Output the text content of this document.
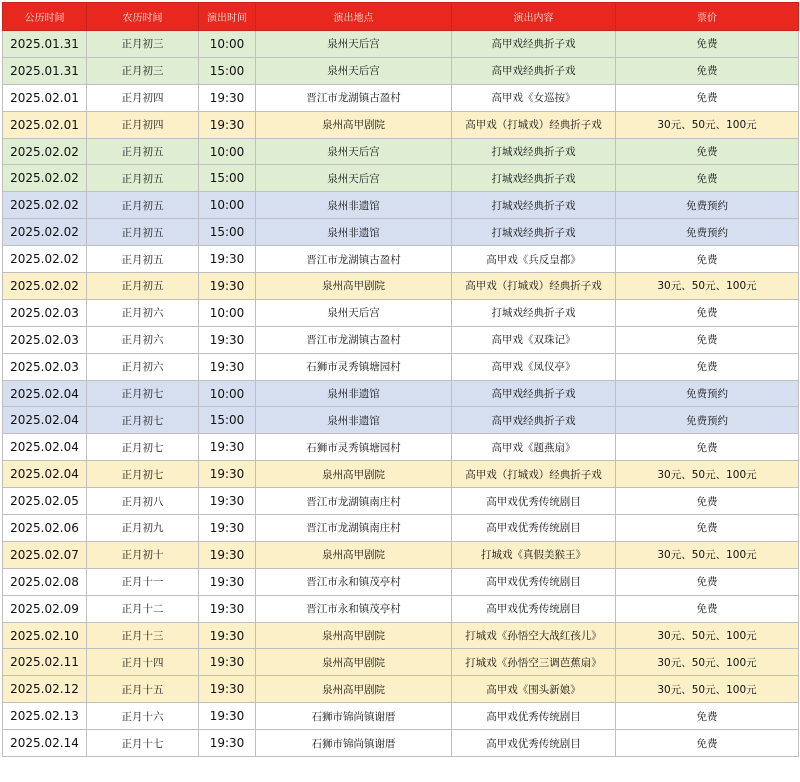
公历时间	农历时间	演出时间	演出地点	演出内容	票价
2025.01.31	正月初三	10:00	泉州天后宫	高甲戏经典折子戏	免费
2025.01.31	正月初三	15:00	泉州天后宫	高甲戏经典折子戏	免费
2025.02.01	正月初四	19:30	晋江市龙湖镇古盈村	高甲戏《女巡按》	免费
2025.02.01	正月初四	19:30	泉州高甲剧院	高甲戏（打城戏）经典折子戏	30元、50元、100元
2025.02.02	正月初五	10:00	泉州天后宫	打城戏经典折子戏	免费
2025.02.02	正月初五	15:00	泉州天后宫	打城戏经典折子戏	免费
2025.02.02	正月初五	10:00	泉州非遗馆	打城戏经典折子戏	免费预约
2025.02.02	正月初五	15:00	泉州非遗馆	打城戏经典折子戏	免费预约
2025.02.02	正月初五	19:30	晋江市龙湖镇古盈村	高甲戏《兵反皇都》	免费
2025.02.02	正月初五	19:30	泉州高甲剧院	高甲戏（打城戏）经典折子戏	30元、50元、100元
2025.02.03	正月初六	10:00	泉州天后宫	打城戏经典折子戏	免费
2025.02.03	正月初六	19:30	晋江市龙湖镇古盈村	高甲戏《双珠记》	免费
2025.02.03	正月初六	19:30	石狮市灵秀镇塘园村	高甲戏《凤仪亭》	免费
2025.02.04	正月初七	10:00	泉州非遗馆	高甲戏经典折子戏	免费预约
2025.02.04	正月初七	15:00	泉州非遗馆	高甲戏经典折子戏	免费预约
2025.02.04	正月初七	19:30	石狮市灵秀镇塘园村	高甲戏《题燕扇》	免费
2025.02.04	正月初七	19:30	泉州高甲剧院	高甲戏（打城戏）经典折子戏	30元、50元、100元
2025.02.05	正月初八	19:30	晋江市龙湖镇南庄村	高甲戏优秀传统剧目	免费
2025.02.06	正月初九	19:30	晋江市龙湖镇南庄村	高甲戏优秀传统剧目	免费
2025.02.07	正月初十	19:30	泉州高甲剧院	打城戏《真假美猴王》	30元、50元、100元
2025.02.08	正月十一	19:30	晋江市永和镇茂亭村	高甲戏优秀传统剧目	免费
2025.02.09	正月十二	19:30	晋江市永和镇茂亭村	高甲戏优秀传统剧目	免费
2025.02.10	正月十三	19:30	泉州高甲剧院	打城戏《孙悟空大战红孩儿》	30元、50元、100元
2025.02.11	正月十四	19:30	泉州高甲剧院	打城戏《孙悟空三调芭蕉扇》	30元、50元、100元
2025.02.12	正月十五	19:30	泉州高甲剧院	高甲戏《围头新娘》	30元、50元、100元
2025.02.13	正月十六	19:30	石狮市锦尚镇谢厝	高甲戏优秀传统剧目	免费
2025.02.14	正月十七	19:30	石狮市锦尚镇谢厝	高甲戏优秀传统剧目	免费
